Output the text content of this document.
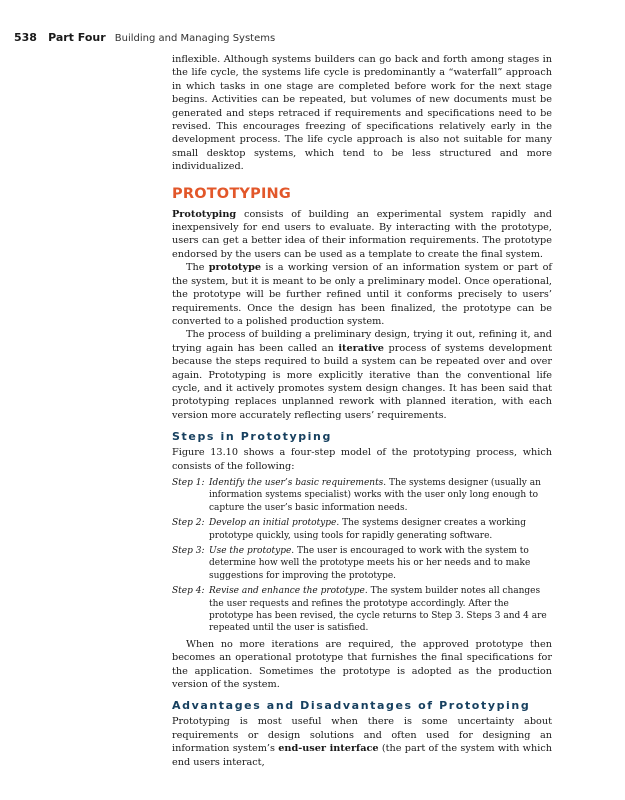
538 Part Four Building and Managing Systems

inflexible. Although systems builders can go back and forth among stages in the life cycle, the systems life cycle is predominantly a “waterfall” approach in which tasks in one stage are completed before work for the next stage begins. Activities can be repeated, but volumes of new documents must be generated and steps retraced if requirements and specifications need to be revised. This encourages freezing of specifications relatively early in the development process. The life cycle approach is also not suitable for many small desktop systems, which tend to be less structured and more individualized.

PROTOTYPING

Prototyping consists of building an experimental system rapidly and inexpensively for end users to evaluate. By interacting with the prototype, users can get a better idea of their information requirements. The prototype endorsed by the users can be used as a template to create the final system.

The prototype is a working version of an information system or part of the system, but it is meant to be only a preliminary model. Once operational, the prototype will be further refined until it conforms precisely to users’ requirements. Once the design has been finalized, the prototype can be converted to a polished production system.

The process of building a preliminary design, trying it out, refining it, and trying again has been called an iterative process of systems development because the steps required to build a system can be repeated over and over again. Prototyping is more explicitly iterative than the conventional life cycle, and it actively promotes system design changes. It has been said that prototyping replaces unplanned rework with planned iteration, with each version more accurately reflecting users’ requirements.

Steps in Prototyping

Figure 13.10 shows a four-step model of the prototyping process, which consists of the following:

Step 1: Identify the user’s basic requirements. The systems designer (usually an information systems specialist) works with the user only long enough to capture the user’s basic information needs.
Step 2: Develop an initial prototype. The systems designer creates a working prototype quickly, using tools for rapidly generating software.
Step 3: Use the prototype. The user is encouraged to work with the system to determine how well the prototype meets his or her needs and to make suggestions for improving the prototype.
Step 4: Revise and enhance the prototype. The system builder notes all changes the user requests and refines the prototype accordingly. After the prototype has been revised, the cycle returns to Step 3. Steps 3 and 4 are repeated until the user is satisfied.

When no more iterations are required, the approved prototype then becomes an operational prototype that furnishes the final specifications for the application. Sometimes the prototype is adopted as the production version of the system.

Advantages and Disadvantages of Prototyping

Prototyping is most useful when there is some uncertainty about requirements or design solutions and often used for designing an information system’s end-user interface (the part of the system with which end users interact,
